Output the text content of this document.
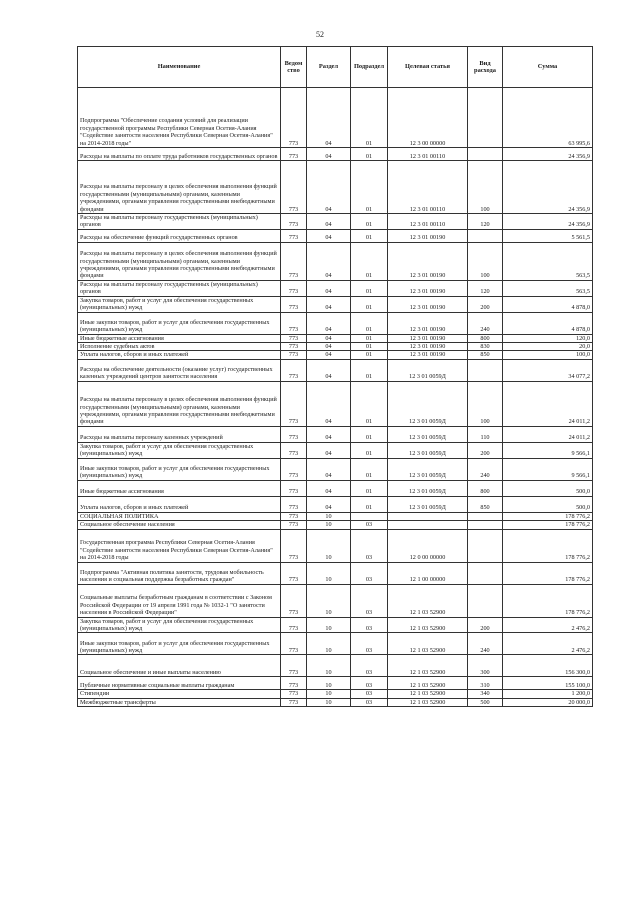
52
Наименование	Ведом ство	Раздел	Подраздел	Целевая статья	Вид расхода	Сумма
Подпрограмма "Обеспечение создания условий для реализации государственной программы Республики Северная Осетия-Алания "Содействие занятости населения Республики Северная Осетия-Алания" на 2014-2018 годы"	773	04	01	12 3 00 00000		63 995,6
Расходы на выплаты по оплате труда работников государственных органов	773	04	01	12 3 01 00110		24 356,9
Расходы на выплаты персоналу в целях обеспечения выполнения функций государственными (муниципальными) органами, казенными учреждениями, органами управления государственными внебюджетными фондами	773	04	01	12 3 01 00110	100	24 356,9
Расходы на выплаты персоналу государственных (муниципальных) органов	773	04	01	12 3 01 00110	120	24 356,9
Расходы на обеспечение функций государственных органов	773	04	01	12 3 01 00190		5 561,5
Расходы на выплаты персоналу в целях обеспечения выполнения функций государственными (муниципальными) органами, казенными учреждениями, органами управления государственными внебюджетными фондами	773	04	01	12 3 01 00190	100	563,5
Расходы на выплаты персоналу государственных (муниципальных) органов	773	04	01	12 3 01 00190	120	563,5
Закупка товаров, работ и услуг для обеспечения государственных (муниципальных) нужд	773	04	01	12 3 01 00190	200	4 878,0
Иные закупки товаров, работ и услуг для обеспечения государственных (муниципальных) нужд	773	04	01	12 3 01 00190	240	4 878,0
Иные бюджетные ассигнования	773	04	01	12 3 01 00190	800	120,0
Исполнение судебных актов	773	04	01	12 3 01 00190	830	20,0
Уплата налогов, сборов и иных платежей	773	04	01	12 3 01 00190	850	100,0
Расходы на обеспечение деятельности (оказание услуг) государственных казенных учреждений центров занятости населения	773	04	01	12 3 01 0059Д		34 077,2
Расходы на выплаты персоналу в целях обеспечения выполнения функций государственными (муниципальными) органами, казенными учреждениями, органами управления государственными внебюджетными фондами	773	04	01	12 3 01 0059Д	100	24 011,2
Расходы на выплаты персоналу казенных учреждений	773	04	01	12 3 01 0059Д	110	24 011,2
Закупка товаров, работ и услуг для обеспечения государственных (муниципальных) нужд	773	04	01	12 3 01 0059Д	200	9 566,1
Иные закупки товаров, работ и услуг для обеспечения государственных (муниципальных) нужд	773	04	01	12 3 01 0059Д	240	9 566,1
Иные бюджетные ассигнования	773	04	01	12 3 01 0059Д	800	500,0
Уплата налогов, сборов и иных платежей	773	04	01	12 3 01 0059Д	850	500,0
СОЦИАЛЬНАЯ ПОЛИТИКА	773	10				178 776,2
Социальное обеспечение населения	773	10	03			178 776,2
Государственная программа Республики Северная Осетия-Алания "Содействие занятости населения Республики Северная Осетия-Алания" на 2014-2018 годы	773	10	03	12 0 00 00000		178 776,2
Подпрограмма "Активная политика занятости, трудовая мобильность населения и социальная поддержка безработных граждан"	773	10	03	12 1 00 00000		178 776,2
Социальные выплаты безработным гражданам в соответствии с Законом Российской Федерации от 19 апреля 1991 года № 1032-1 "О занятости населения в Российской Федерации"	773	10	03	12 1 03 52900		178 776,2
Закупка товаров, работ и услуг для обеспечения государственных (муниципальных) нужд	773	10	03	12 1 03 52900	200	2 476,2
Иные закупки товаров, работ и услуг для обеспечения государственных (муниципальных) нужд	773	10	03	12 1 03 52900	240	2 476,2
Социальное обеспечение и иные выплаты населению	773	10	03	12 1 03 52900	300	156 300,0
Публичные нормативные социальные выплаты гражданам	773	10	03	12 1 03 52900	310	155 100,0
Стипендии	773	10	03	12 1 03 52900	340	1 200,0
Межбюджетные трансферты	773	10	03	12 1 03 52900	500	20 000,0
